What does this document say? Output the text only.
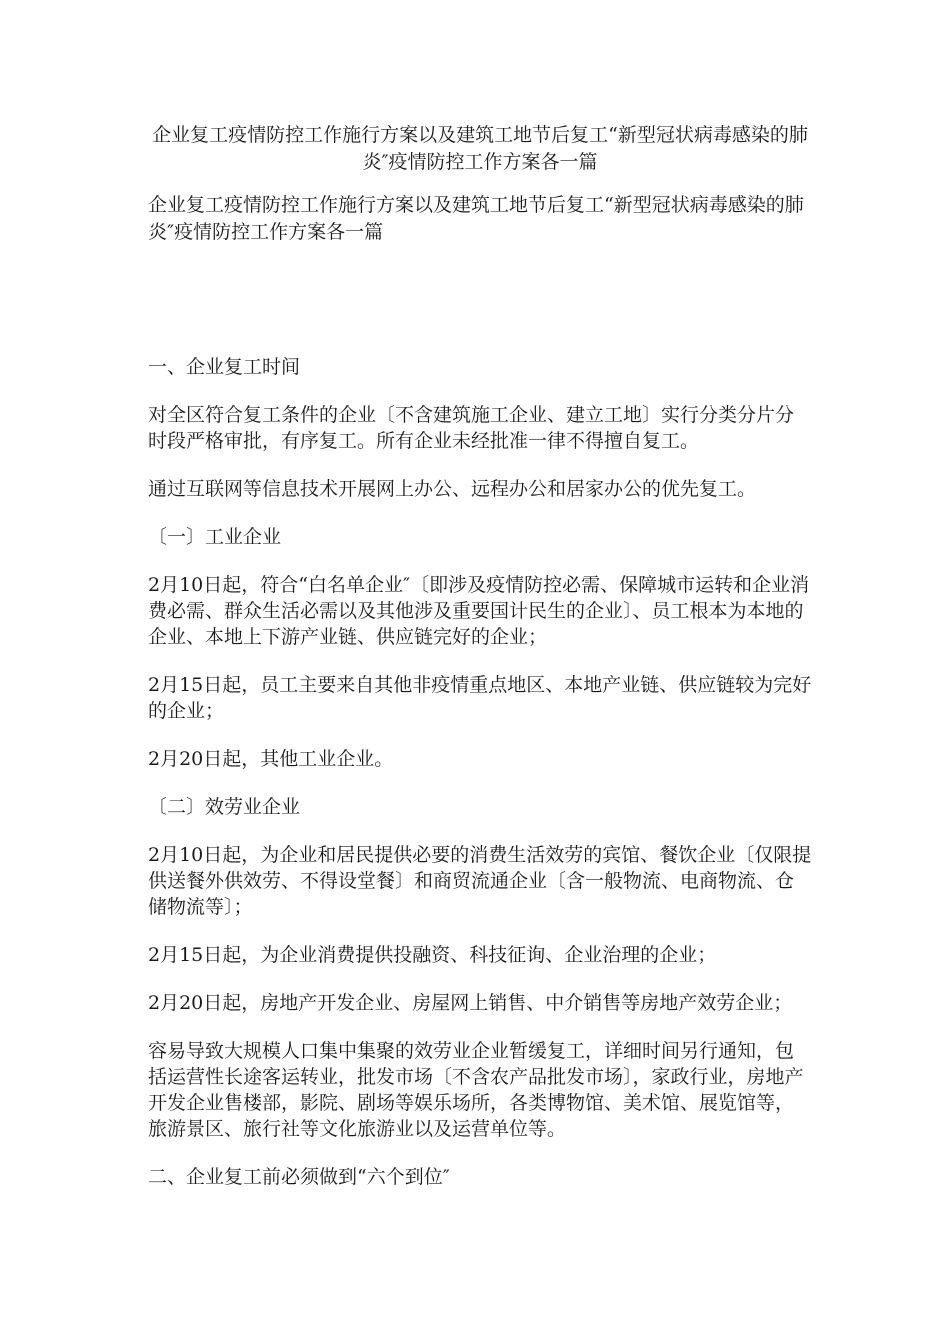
企业复工疫情防控工作施行方案以及建筑工地节后复工“新型冠状病毒感染的肺炎″疫情防控工作方案各一篇
企业复工疫情防控工作施行方案以及建筑工地节后复工“新型冠状病毒感染的肺炎″疫情防控工作方案各一篇

一、企业复工时间

对全区符合复工条件的企业〔不含建筑施工企业、建立工地〕实行分类分片分时段严格审批，有序复工。所有企业未经批准一律不得擅自复工。

通过互联网等信息技术开展网上办公、远程办公和居家办公的优先复工。

〔一〕工业企业

2月10日起，符合“白名单企业″〔即涉及疫情防控必需、保障城市运转和企业消费必需、群众生活必需以及其他涉及重要国计民生的企业〕、员工根本为本地的企业、本地上下游产业链、供应链完好的企业；

2月15日起，员工主要来自其他非疫情重点地区、本地产业链、供应链较为完好的企业；

2月20日起，其他工业企业。

〔二〕效劳业企业

2月10日起，为企业和居民提供必要的消费生活效劳的宾馆、餐饮企业〔仅限提供送餐外供效劳、不得设堂餐〕和商贸流通企业〔含一般物流、电商物流、仓储物流等〕；

2月15日起，为企业消费提供投融资、科技征询、企业治理的企业；

2月20日起，房地产开发企业、房屋网上销售、中介销售等房地产效劳企业；

容易导致大规模人口集中集聚的效劳业企业暂缓复工，详细时间另行通知，包括运营性长途客运转业，批发市场〔不含农产品批发市场〕，家政行业，房地产开发企业售楼部，影院、剧场等娱乐场所，各类博物馆、美术馆、展览馆等，旅游景区、旅行社等文化旅游业以及运营单位等。

二、企业复工前必须做到“六个到位″
